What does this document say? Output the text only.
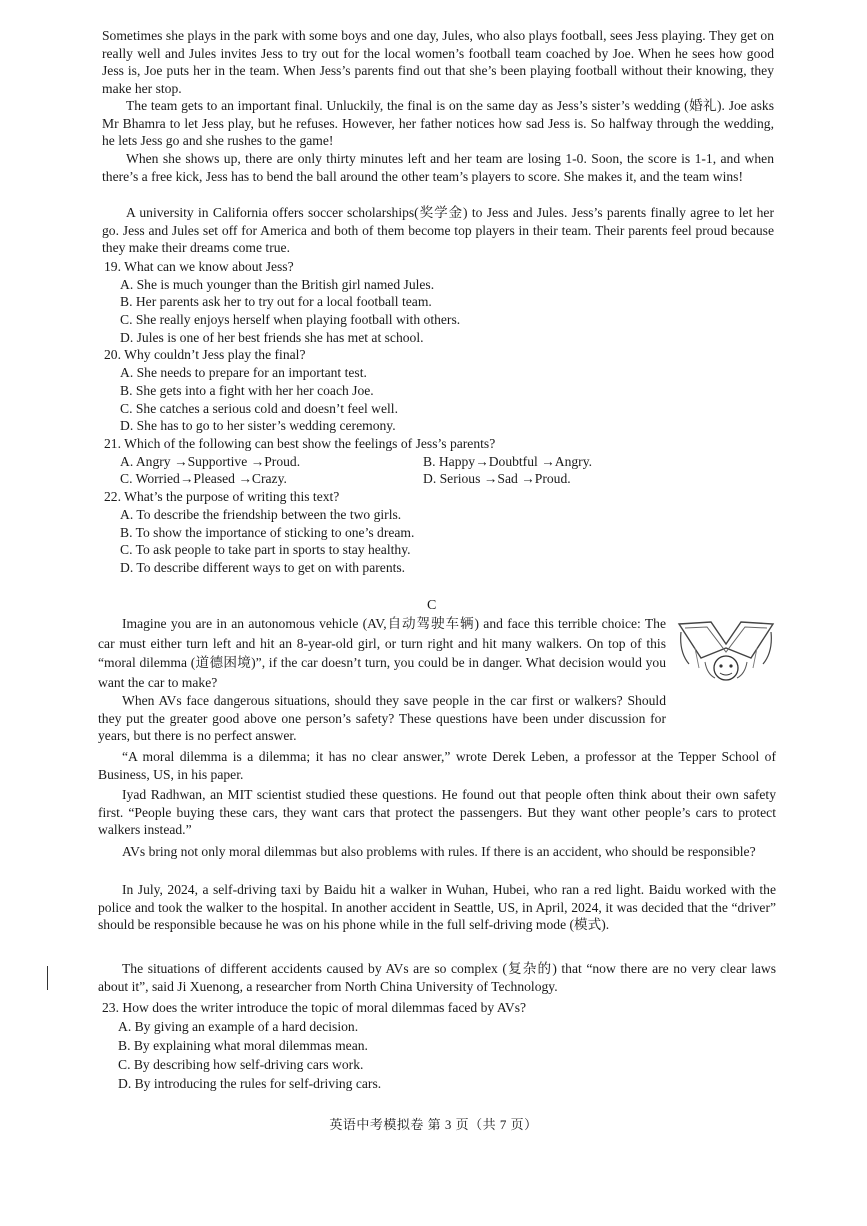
Sometimes she plays in the park with some boys and one day, Jules, who also plays football, sees Jess playing. They get on really well and Jules invites Jess to try out for the local women’s football team coached by Joe. When he sees how good Jess is, Joe puts her in the team. When Jess’s parents find out that she’s been playing football without their knowing, they make her stop.

The team gets to an important final. Unluckily, the final is on the same day as Jess’s sister’s wedding (婚礼). Joe asks Mr Bhamra to let Jess play, but he refuses. However, her father notices how sad Jess is. So halfway through the wedding, he lets Jess go and she rushes to the game!

When she shows up, there are only thirty minutes left and her team are losing 1-0. Soon, the score is 1-1, and when there’s a free kick, Jess has to bend the ball around the other team’s players to score. She makes it, and the team wins!

A university in California offers soccer scholarships(奖学金) to Jess and Jules. Jess’s parents finally agree to let her go. Jess and Jules set off for America and both of them become top players in their team. Their parents feel proud because they make their dreams come true.

19. What can we know about Jess?

A. She is much younger than the British girl named Jules.

B. Her parents ask her to try out for a local football team.

C. She really enjoys herself when playing football with others.

D. Jules is one of her best friends she has met at school.

20. Why couldn’t Jess play the final?

A. She needs to prepare for an important test.

B. She gets into a fight with her her coach Joe.

C. She catches a serious cold and doesn’t feel well.

D. She has to go to her sister’s wedding ceremony.

21. Which of the following can best show the feelings of Jess’s parents?

A. Angry →Supportive →Proud.	B. Happy→Doubtful →Angry.

C. Worried→Pleased →Crazy.	D. Serious →Sad →Proud.

22. What’s the purpose of writing this text?

A. To describe the friendship between the two girls.

B. To show the importance of sticking to one’s dream.

C. To ask people to take part in sports to stay healthy.

D. To describe different ways to get on with parents.

C

Imagine you are in an autonomous vehicle (AV,自动驾驶车辆) and face this terrible choice: The car must either turn left and hit an 8-year-old girl, or turn right and hit many walkers. On top of this “moral dilemma (道德困境)”, if the car doesn’t turn, you could be in danger. What decision would you want the car to make?

When AVs face dangerous situations, should they save people in the car first or walkers? Should they put the greater good above one person’s safety? These questions have been under discussion for years, but there is no perfect answer.

“A moral dilemma is a dilemma; it has no clear answer,” wrote Derek Leben, a professor at the Tepper School of Business, US, in his paper.

Iyad Radhwan, an MIT scientist studied these questions. He found out that people often think about their own safety first. “People buying these cars, they want cars that protect the passengers. But they want other people’s cars to protect walkers instead.”

AVs bring not only moral dilemmas but also problems with rules. If there is an accident, who should be responsible?

In July, 2024, a self-driving taxi by Baidu hit a walker in Wuhan, Hubei, who ran a red light. Baidu worked with the police and took the walker to the hospital. In another accident in Seattle, US, in April, 2024, it was decided that the “driver” should be responsible because he was on his phone while in the full self-driving mode (模式).

The situations of different accidents caused by AVs are so complex (复杂的) that “now there are no very clear laws about it”, said Ji Xuenong, a researcher from North China University of Technology.

23. How does the writer introduce the topic of moral dilemmas faced by AVs?

A. By giving an example of a hard decision.

B. By explaining what moral dilemmas mean.

C. By describing how self-driving cars work.

D. By introducing the rules for self-driving cars.

英语中考模拟卷 第 3 页（共 7 页）
